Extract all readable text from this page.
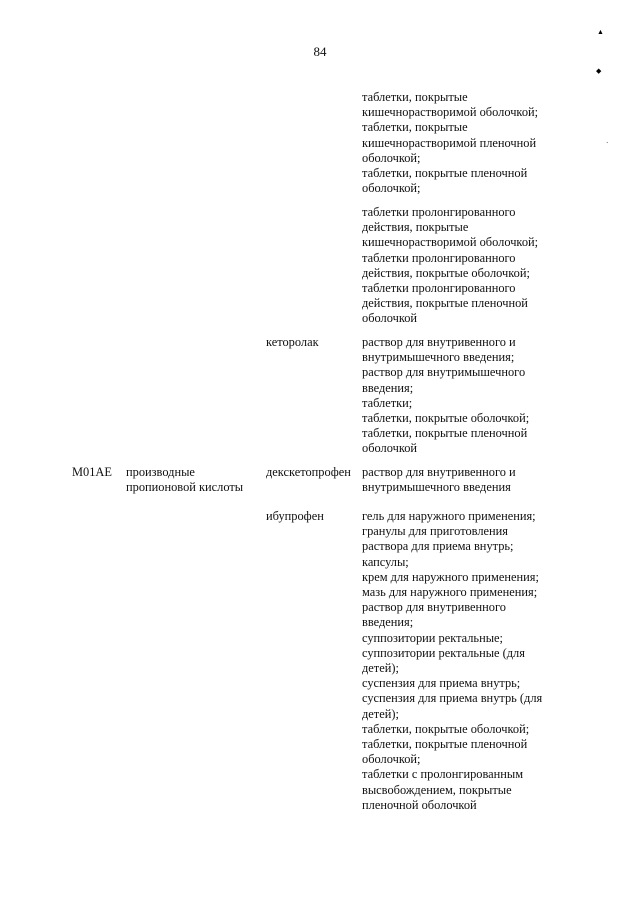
84
▲
◆
·
таблетки, покрытые
кишечнорастворимой оболочкой;
таблетки, покрытые
кишечнорастворимой пленочной
оболочкой;
таблетки, покрытые пленочной
оболочкой;
таблетки пролонгированного
действия, покрытые
кишечнорастворимой оболочкой;
таблетки пролонгированного
действия, покрытые оболочкой;
таблетки пролонгированного
действия, покрытые пленочной
оболочкой
кеторолак	раствор для внутривенного и
внутримышечного введения;
раствор для внутримышечного
введения;
таблетки;
таблетки, покрытые оболочкой;
таблетки, покрытые пленочной
оболочкой
M01AE производные
пропионовой кислоты
декскетопрофен раствор для внутривенного и
внутримышечного введения
ибупрофен	гель для наружного применения;
гранулы для приготовления
раствора для приема внутрь;
капсулы;
крем для наружного применения;
мазь для наружного применения;
раствор для внутривенного
введения;
суппозитории ректальные;
суппозитории ректальные (для
детей);
суспензия для приема внутрь;
суспензия для приема внутрь (для
детей);
таблетки, покрытые оболочкой;
таблетки, покрытые пленочной
оболочкой;
таблетки с пролонгированным
высвобождением, покрытые
пленочной оболочкой
